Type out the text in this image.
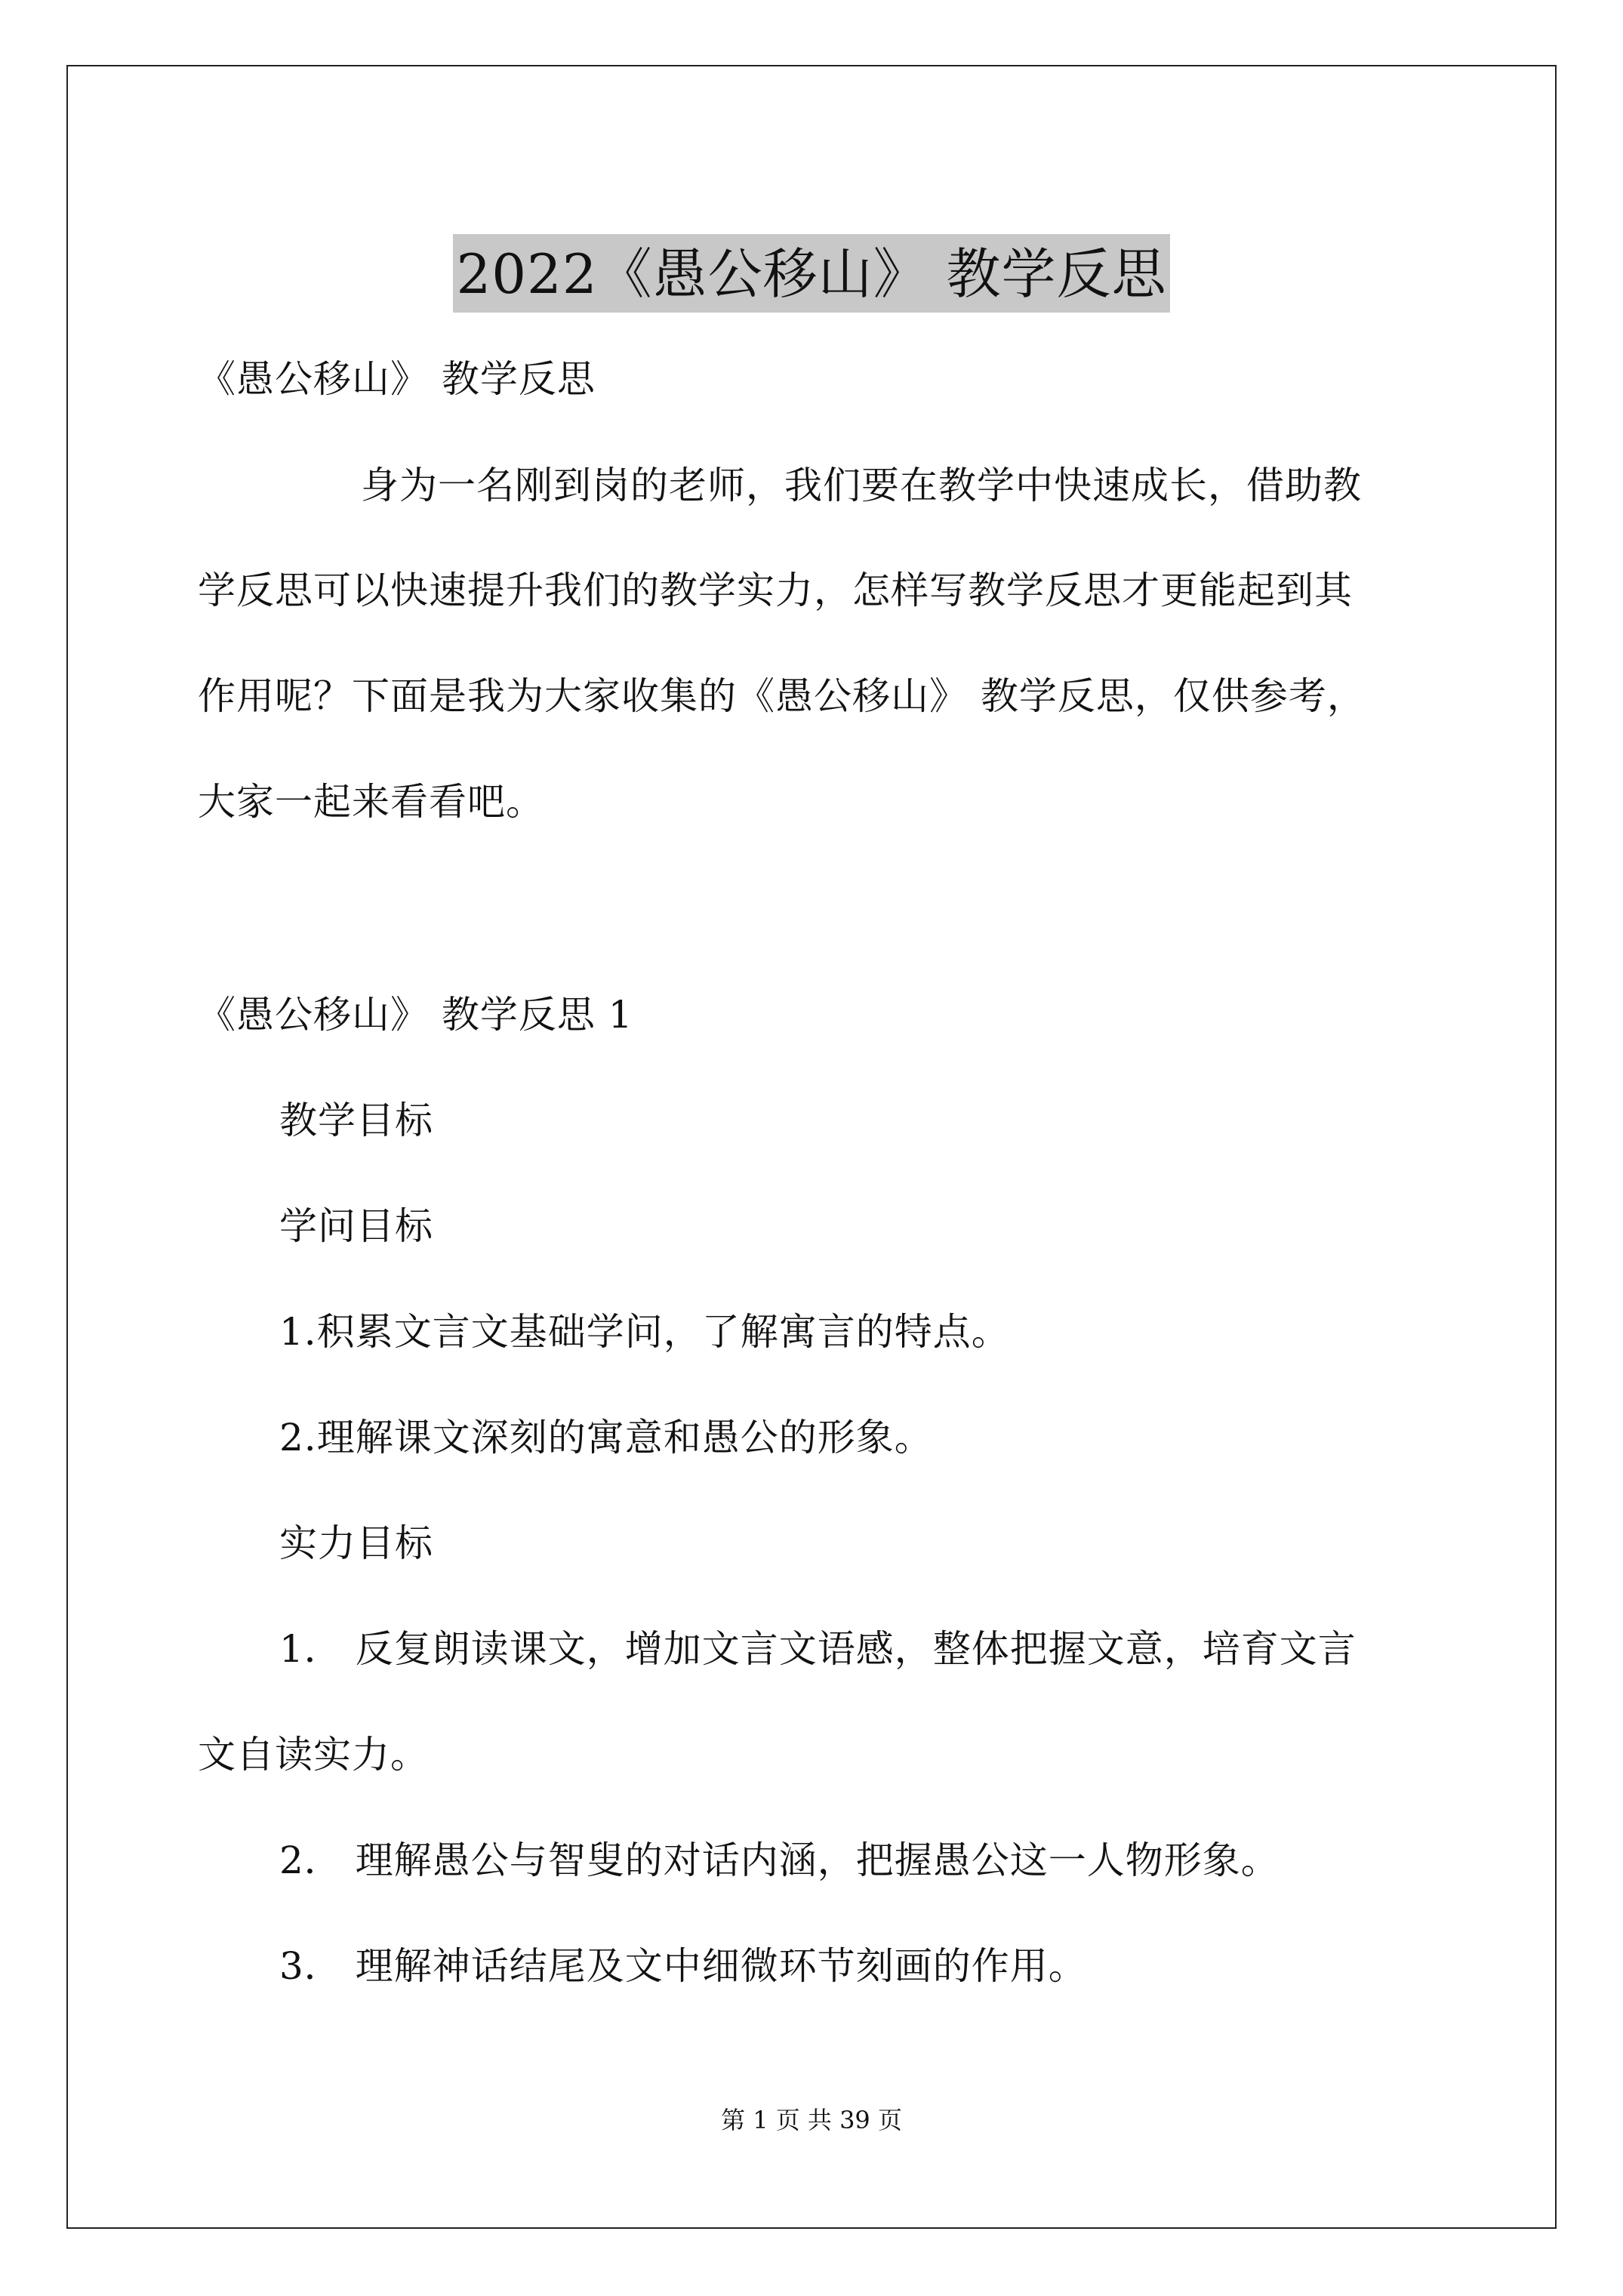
2022《愚公移山》 教学反思
《愚公移山》 教学反思
身为一名刚到岗的老师，我们要在教学中快速成长，借助教
学反思可以快速提升我们的教学实力，怎样写教学反思才更能起到其
作用呢？下面是我为大家收集的《愚公移山》 教学反思，仅供参考，
大家一起来看看吧。
《愚公移山》 教学反思 1
教学目标
学问目标
1.积累文言文基础学问，了解寓言的特点。
2.理解课文深刻的寓意和愚公的形象。
实力目标
1． 反复朗读课文，增加文言文语感，整体把握文意，培育文言
文自读实力。
2． 理解愚公与智叟的对话内涵，把握愚公这一人物形象。
3． 理解神话结尾及文中细微环节刻画的作用。
第 1 页 共 39 页
